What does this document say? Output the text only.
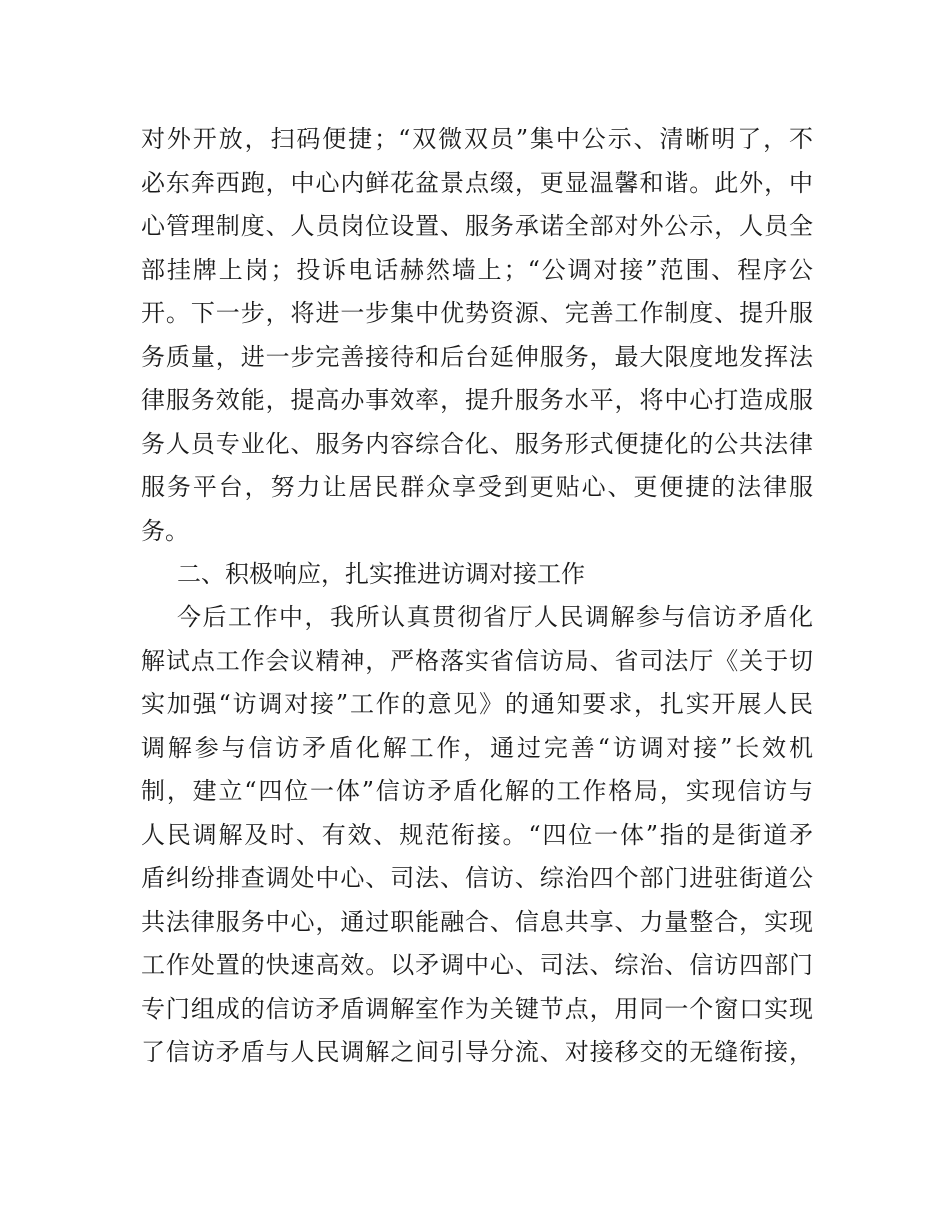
对外开放，扫码便捷；“双微双员”集中公示、清晰明了，不
必东奔西跑，中心内鲜花盆景点缀，更显温馨和谐。此外，中
心管理制度、人员岗位设置、服务承诺全部对外公示，人员全
部挂牌上岗；投诉电话赫然墙上；“公调对接”范围、程序公
开。下一步，将进一步集中优势资源、完善工作制度、提升服
务质量，进一步完善接待和后台延伸服务，最大限度地发挥法
律服务效能，提高办事效率，提升服务水平，将中心打造成服
务人员专业化、服务内容综合化、服务形式便捷化的公共法律
服务平台，努力让居民群众享受到更贴心、更便捷的法律服
务。
二、积极响应，扎实推进访调对接工作
今后工作中，我所认真贯彻省厅人民调解参与信访矛盾化
解试点工作会议精神，严格落实省信访局、省司法厅《关于切
实加强“访调对接”工作的意见》的通知要求，扎实开展人民
调解参与信访矛盾化解工作，通过完善“访调对接”长效机
制，建立“四位一体”信访矛盾化解的工作格局，实现信访与
人民调解及时、有效、规范衔接。“四位一体”指的是街道矛
盾纠纷排查调处中心、司法、信访、综治四个部门进驻街道公
共法律服务中心，通过职能融合、信息共享、力量整合，实现
工作处置的快速高效。以矛调中心、司法、综治、信访四部门
专门组成的信访矛盾调解室作为关键节点，用同一个窗口实现
了信访矛盾与人民调解之间引导分流、对接移交的无缝衔接，
